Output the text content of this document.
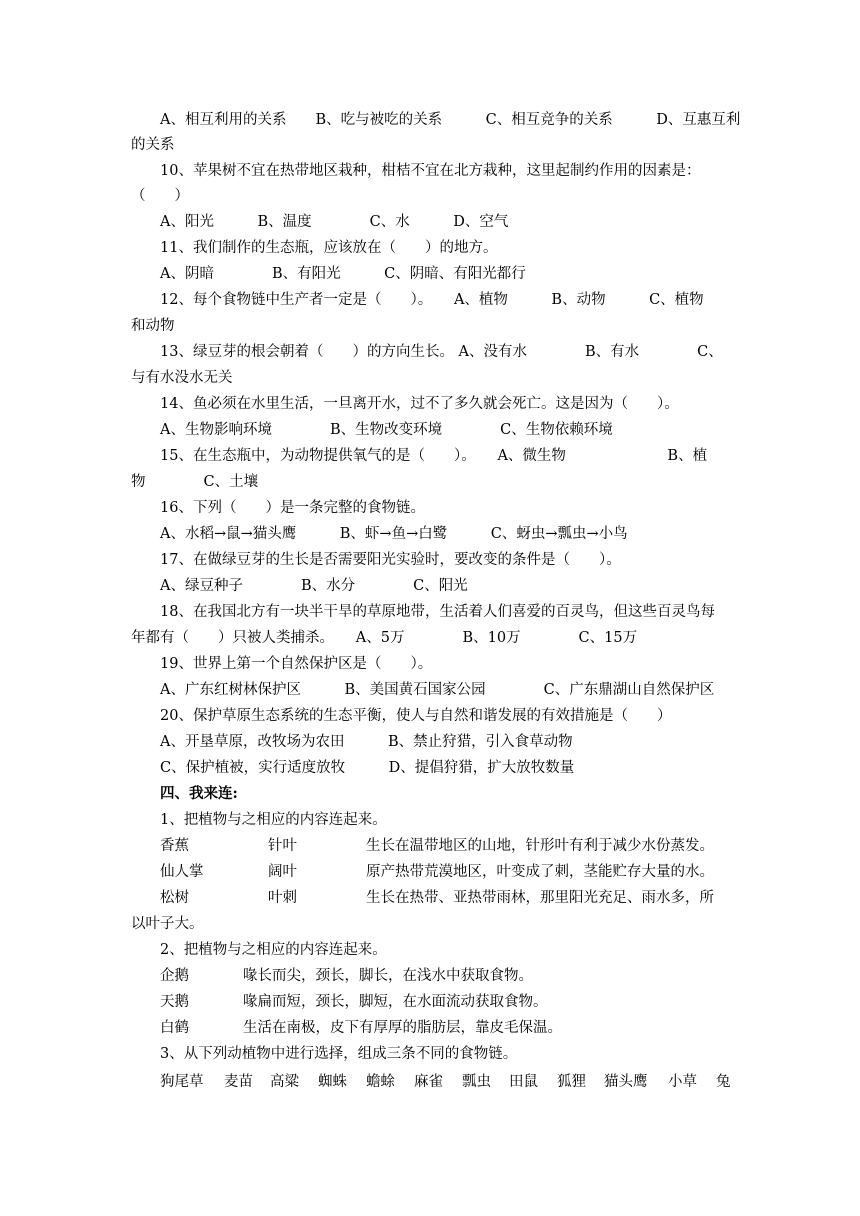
A、相互利用的关系　　B、吃与被吃的关系　　　C、相互竞争的关系　　　D、互惠互利
的关系
10、苹果树不宜在热带地区栽种，柑桔不宜在北方栽种，这里起制约作用的因素是：
（　　）
A、阳光　　　B、温度　　　　C、水　　　D、空气
11、我们制作的生态瓶，应该放在（　　）的地方。
A、阴暗　　　　B、有阳光　　　C、阴暗、有阳光都行
12、每个食物链中生产者一定是（　　）。　　A、植物　　　B、动物　　　C、植物
和动物
13、绿豆芽的根会朝着（　　）的方向生长。 A、没有水　　　　B、有水　　　　C、
与有水没水无关
14、鱼必须在水里生活，一旦离开水，过不了多久就会死亡。这是因为（　　）。
A、生物影响环境　　　　B、生物改变环境　　　　C、生物依赖环境
15、在生态瓶中，为动物提供氧气的是（　　）。　　A、微生物　　　　　　　B、植
物　　　　C、土壤
16、下列（　　）是一条完整的食物链。
A、水稻→鼠→猫头鹰　　　B、虾→鱼→白鹭　　　C、蚜虫→瓢虫→小鸟
17、在做绿豆芽的生长是否需要阳光实验时，要改变的条件是（　　）。
A、绿豆种子　　　　B、水分　　　　C、阳光
18、在我国北方有一块半干旱的草原地带，生活着人们喜爱的百灵鸟，但这些百灵鸟每
年都有（　　）只被人类捕杀。　　A、5万　　　　B、10万　　　　C、15万
19、世界上第一个自然保护区是（　　）。
A、广东红树林保护区　　　B、美国黄石国家公园　　　　C、广东鼎湖山自然保护区
20、保护草原生态系统的生态平衡，使人与自然和谐发展的有效措施是（　　）
A、开垦草原，改牧场为农田　　　B、禁止狩猎，引入食草动物
C、保护植被，实行适度放牧　　　D、提倡狩猎，扩大放牧数量
四、我来连:
1、把植物与之相应的内容连起来。
香蕉	针叶	生长在温带地区的山地，针形叶有利于减少水份蒸发。
仙人掌	阔叶	原产热带荒漠地区，叶变成了刺，茎能贮存大量的水。
松树	叶刺	生长在热带、亚热带雨林，那里阳光充足、雨水多，所
以叶子大。
2、把植物与之相应的内容连起来。
企鹅	喙长而尖，颈长，脚长，在浅水中获取食物。
天鹅	喙扁而短，颈长，脚短，在水面流动获取食物。
白鹤	生活在南极，皮下有厚厚的脂肪层，靠皮毛保温。
3、从下列动植物中进行选择，组成三条不同的食物链。
狗尾草 麦苗 高粱 蜘蛛 蟾蜍 麻雀 瓢虫 田鼠 狐狸 猫头鹰 小草 兔
